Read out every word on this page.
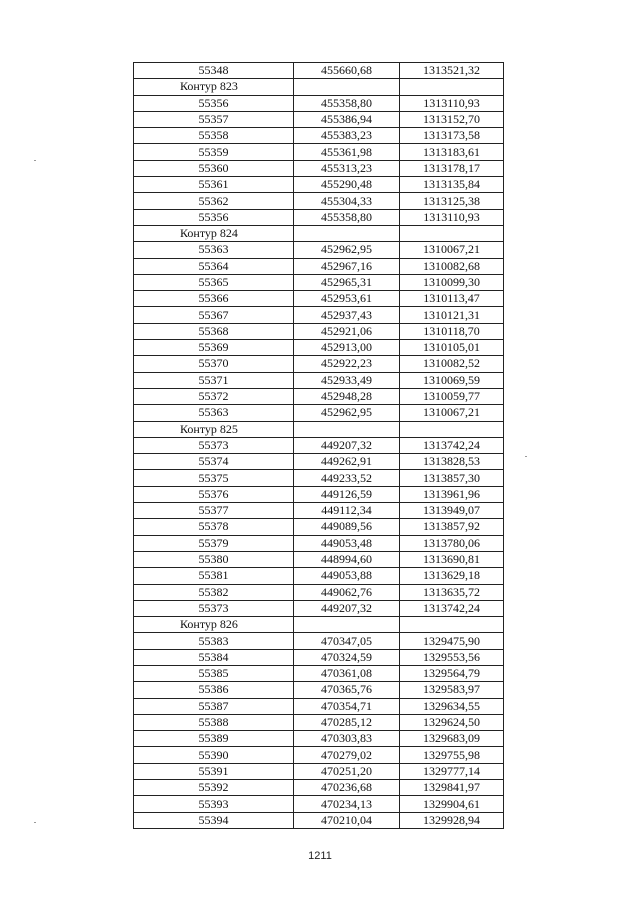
55348	455660,68	1313521,32
Контур 823		
55356	455358,80	1313110,93
55357	455386,94	1313152,70
55358	455383,23	1313173,58
55359	455361,98	1313183,61
55360	455313,23	1313178,17
55361	455290,48	1313135,84
55362	455304,33	1313125,38
55356	455358,80	1313110,93
Контур 824		
55363	452962,95	1310067,21
55364	452967,16	1310082,68
55365	452965,31	1310099,30
55366	452953,61	1310113,47
55367	452937,43	1310121,31
55368	452921,06	1310118,70
55369	452913,00	1310105,01
55370	452922,23	1310082,52
55371	452933,49	1310069,59
55372	452948,28	1310059,77
55363	452962,95	1310067,21
Контур 825		
55373	449207,32	1313742,24
55374	449262,91	1313828,53
55375	449233,52	1313857,30
55376	449126,59	1313961,96
55377	449112,34	1313949,07
55378	449089,56	1313857,92
55379	449053,48	1313780,06
55380	448994,60	1313690,81
55381	449053,88	1313629,18
55382	449062,76	1313635,72
55373	449207,32	1313742,24
Контур 826		
55383	470347,05	1329475,90
55384	470324,59	1329553,56
55385	470361,08	1329564,79
55386	470365,76	1329583,97
55387	470354,71	1329634,55
55388	470285,12	1329624,50
55389	470303,83	1329683,09
55390	470279,02	1329755,98
55391	470251,20	1329777,14
55392	470236,68	1329841,97
55393	470234,13	1329904,61
55394	470210,04	1329928,94
1211
